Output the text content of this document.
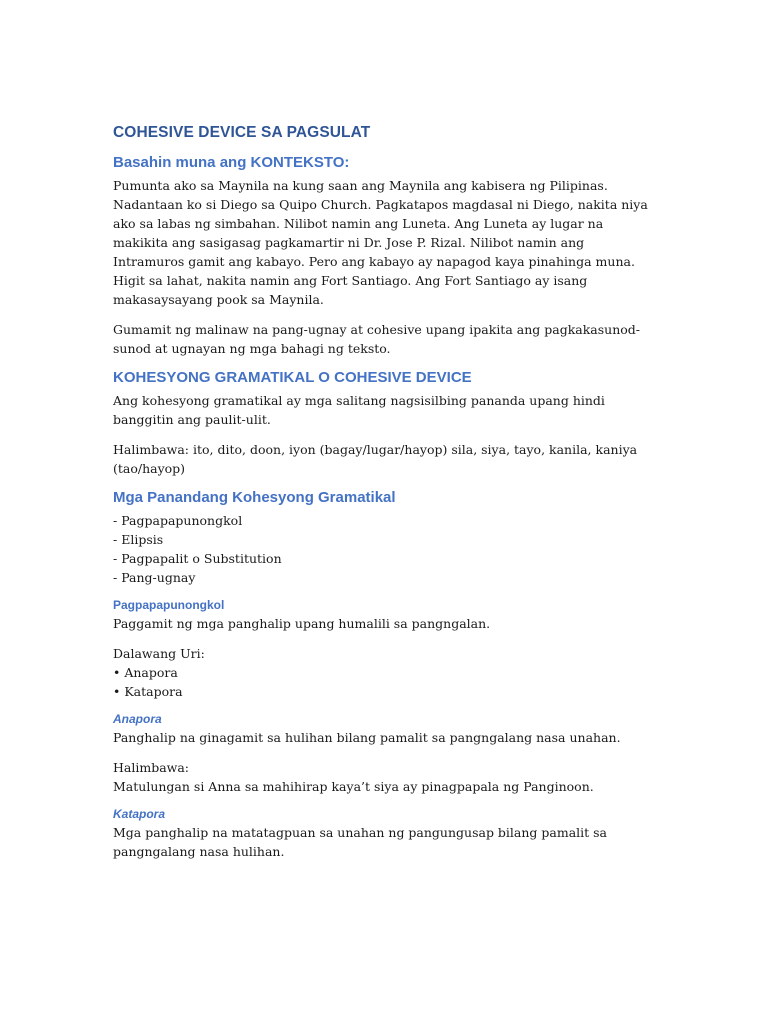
COHESIVE DEVICE SA PAGSULAT
Basahin muna ang KONTEKSTO:

Pumunta ako sa Maynila na kung saan ang Maynila ang kabisera ng Pilipinas. Nadantaan ko si Diego sa Quipo Church. Pagkatapos magdasal ni Diego, nakita niya ako sa labas ng simbahan. Nilibot namin ang Luneta. Ang Luneta ay lugar na makikita ang sasigasag pagkamartir ni Dr. Jose P. Rizal. Nilibot namin ang Intramuros gamit ang kabayo. Pero ang kabayo ay napagod kaya pinahinga muna. Higit sa lahat, nakita namin ang Fort Santiago. Ang Fort Santiago ay isang makasaysayang pook sa Maynila.

Gumamit ng malinaw na pang-ugnay at cohesive upang ipakita ang pagkakasunod-sunod at ugnayan ng mga bahagi ng teksto.

KOHESYONG GRAMATIKAL O COHESIVE DEVICE

Ang kohesyong gramatikal ay mga salitang nagsisilbing pananda upang hindi banggitin ang paulit-ulit.

Halimbawa: ito, dito, doon, iyon (bagay/lugar/hayop) sila, siya, tayo, kanila, kaniya (tao/hayop)

Mga Panandang Kohesyong Gramatikal
- Pagpapapunongkol
- Elipsis
- Pagpapalit o Substitution
- Pang-ugnay
Pagpapapunongkol

Paggamit ng mga panghalip upang humalili sa pangngalan.

Dalawang Uri:
• Anapora
• Katapora
Anapora

Panghalip na ginagamit sa hulihan bilang pamalit sa pangngalang nasa unahan.

Halimbawa:
Matulungan si Anna sa mahihirap kaya’t siya ay pinagpapala ng Panginoon.
Katapora

Mga panghalip na matatagpuan sa unahan ng pangungusap bilang pamalit sa pangngalang nasa hulihan.
